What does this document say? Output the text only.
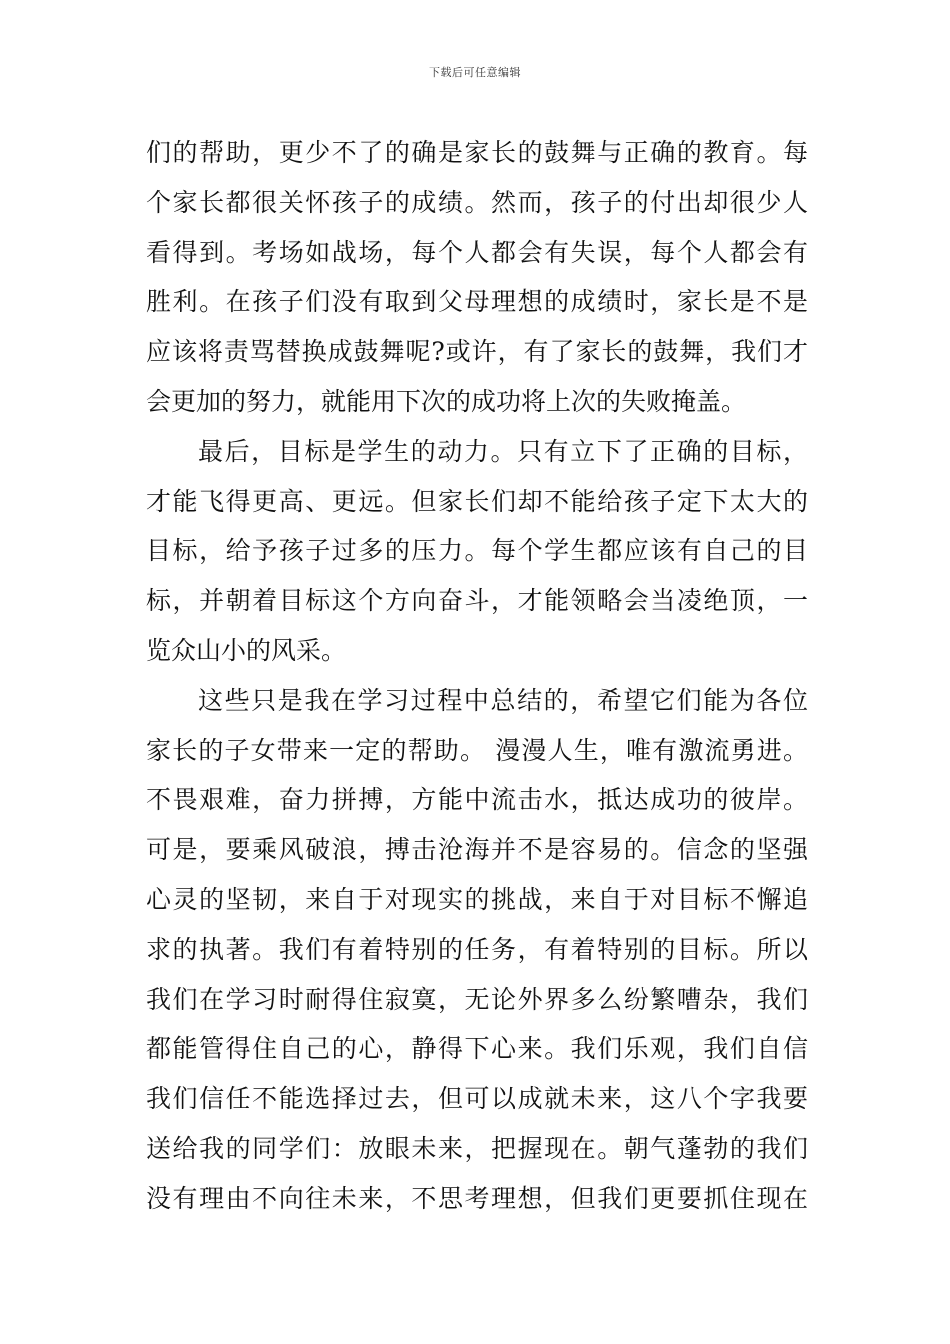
下载后可任意编辑
们的帮助，更少不了的确是家长的鼓舞与正确的教育。每
个家长都很关怀孩子的成绩。然而，孩子的付出却很少人
看得到。考场如战场，每个人都会有失误，每个人都会有
胜利。在孩子们没有取到父母理想的成绩时，家长是不是
应该将责骂替换成鼓舞呢?或许，有了家长的鼓舞，我们才
会更加的努力，就能用下次的成功将上次的失败掩盖。
最后，目标是学生的动力。只有立下了正确的目标，
才能飞得更高、更远。但家长们却不能给孩子定下太大的
目标，给予孩子过多的压力。每个学生都应该有自己的目
标，并朝着目标这个方向奋斗，才能领略会当凌绝顶，一
览众山小的风采。
这些只是我在学习过程中总结的，希望它们能为各位
家长的子女带来一定的帮助。 漫漫人生，唯有激流勇进。
不畏艰难，奋力拼搏，方能中流击水，抵达成功的彼岸。
可是，要乘风破浪，搏击沧海并不是容易的。信念的坚强
心灵的坚韧，来自于对现实的挑战，来自于对目标不懈追
求的执著。我们有着特别的任务，有着特别的目标。所以
我们在学习时耐得住寂寞，无论外界多么纷繁嘈杂，我们
都能管得住自己的心，静得下心来。我们乐观，我们自信
我们信任不能选择过去，但可以成就未来，这八个字我要
送给我的同学们：放眼未来，把握现在。朝气蓬勃的我们
没有理由不向往未来，不思考理想，但我们更要抓住现在
